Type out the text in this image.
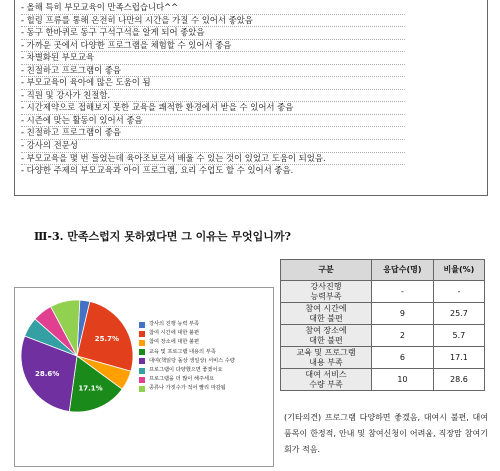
- 올해 특히 부모교육이 만족스럽습니다^^
- 힐링 프류를 통해 온전히 나만의 시간을 가질 수 있어서 좋았음
- 동구 한바퀴로 동구 구석구석을 알게 되어 좋았음
- 가까운 곳에서 다양한 프로그램을 체험할 수 있어서 좋음
- 차별화된 부모교육
- 친절하고 프로그램이 좋음
- 부모교육이 육아에 많은 도움이 됨
- 직원 및 강사가 친절함.
- 시간제약으로 접해보지 못한 교육을 쾌적한 환경에서 받을 수 있어서 좋음
- 시즌에 맞는 활동이 있어서 좋음
- 친절하고 프로그램이 좋음
- 강사의 전문성
- 부모교육을 몇 번 들었는데 육아조보로서 배울 수 있는 것이 있었고 도움이 되었음.
- 다양한 주제의 부모교육과 아이 프로그램, 요리 수업도 할 수 있어서 좋음.
Ⅲ-3. 만족스럽지 못하였다면 그 이유는 무엇입니까?
25.7%
17.1%
28.6%
강사의 진행 능력 부족
참여 시간에 대한 불편
참여 장소에 대한 불편
교육 및 프로그램 내용의 부족
대여(책읽당 돌상 생일상) 서비스 수량
프로그램이 다양했으면 좋겠어요
프로그램을 더 많이 해주세요
종류나 가짓수가 적어 빨리 마감됨
구분	응답수(명)	비율(%)
강사진행
능력부족	-	-
참여 시간에
대한 불편	9	25.7
참여 장소에
대한 불편	2	5.7
교육 및 프로그램
내용 부족	6	17.1
대여 서비스
수량 부족	10	28.6
(기타의견) 프로그램 다양하면 좋겠음, 대여시 불편, 대여품목이 한정적, 안내 및 참여신청이 어려움, 직장맘 참여기회가 적음.
